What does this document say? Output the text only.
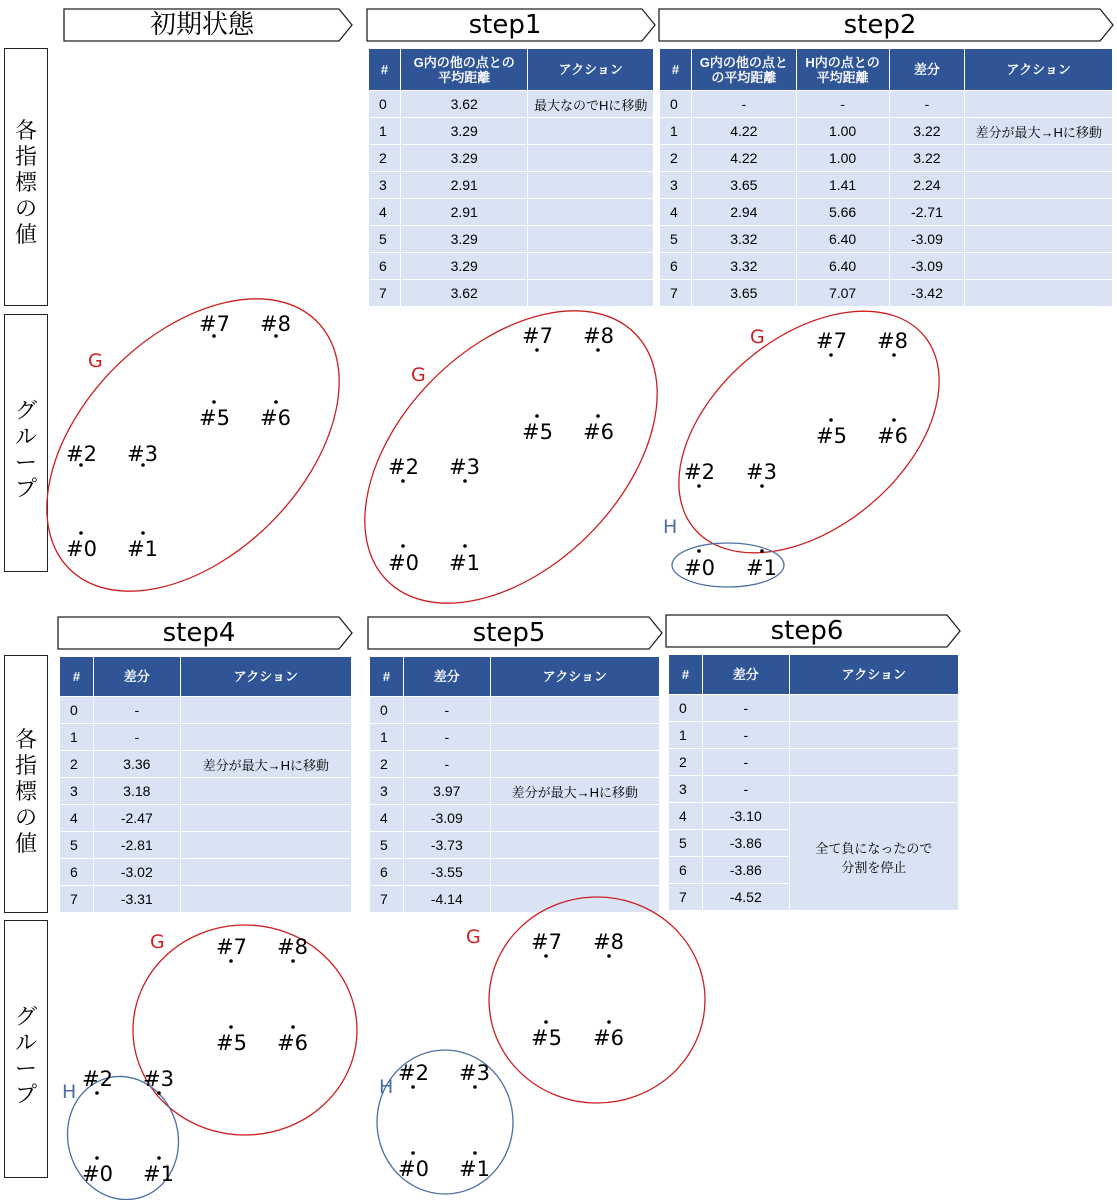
初期状態	step1	step2
step4	step5	step6
各
指
標
の
値
グ
ル
ー
プ
各
指
標
の
値
グ
ル
ー
プ
#	G内の他の点との
平均距離	アクション
0	3.62	最大なのでHに移動
1	3.29	
2	3.29	
3	2.91	
4	2.91	
5	3.29	
6	3.29	
7	3.62	
#	G内の他の点と
の平均距離	H内の点との
平均距離	差分	アクション
0	-	-	-	
1	4.22	1.00	3.22	差分が最大→Hに移動
2	4.22	1.00	3.22	
3	3.65	1.41	2.24	
4	2.94	5.66	-2.71	
5	3.32	6.40	-3.09	
6	3.32	6.40	-3.09	
7	3.65	7.07	-3.42	
#	差分	アクション
0	-	
1	-	
2	3.36	差分が最大→Hに移動
3	3.18	
4	-2.47	
5	-2.81	
6	-3.02	
7	-3.31	
#	差分	アクション
0	-	
1	-	
2	-	
3	3.97	差分が最大→Hに移動
4	-3.09	
5	-3.73	
6	-3.55	
7	-4.14	
#	差分	アクション
0	-	
1	-	
2	-	
3	-	
4	-3.10	全て負になったので
分割を停止
5	-3.86	
6	-3.86	
7	-4.52	
G
#7 #8
#5 #6
#2 #3
#0 #1
G
#7 #8
#5 #6
#2 #3
#0 #1
G
H
#7 #8
#5 #6
#2 #3
#0 #1
G
H
#7 #8
#5 #6
#2 #3
#0 #1
G
H
#7 #8
#5 #6
#2 #3
#0 #1
